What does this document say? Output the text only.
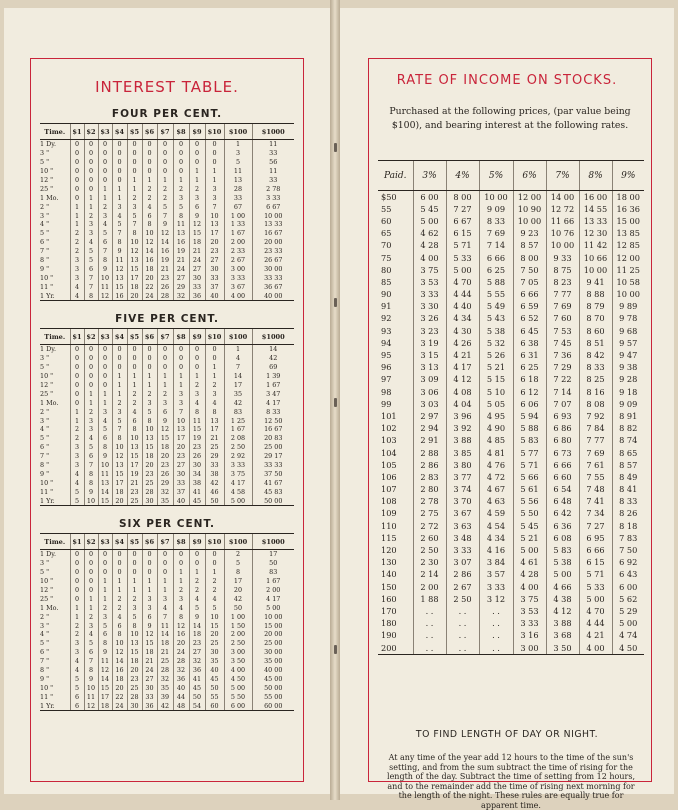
INTEREST TABLE.
FOUR PER CENT.
Time.	$1	$2	$3	$4	$5	$6	$7	$8	$9	$10	$100	$1000
1 Dy.	0	0	0	0	0	0	0	0	0	0	1	11
3 "	0	0	0	0	0	0	0	0	0	0	3	33
5 "	0	0	0	0	0	0	0	0	0	0	5	56
10 "	0	0	0	0	0	0	0	0	1	1	11	11
12 "	0	0	0	0	1	1	1	1	1	1	13	33
25 "	0	0	1	1	1	2	2	2	2	3	28	2 78
1 Mo.	0	1	1	1	2	2	2	3	3	3	33	3 33
2 "	1	1	2	3	3	4	5	5	6	7	67	6 67
3 "	1	2	3	4	5	6	7	8	9	10	1 00	10 00
4 "	1	3	4	5	7	8	9	11	12	13	1 33	13 33
5 "	2	3	5	7	8	10	12	13	15	17	1 67	16 67
6 "	2	4	6	8	10	12	14	16	18	20	2 00	20 00
7 "	2	5	7	9	12	14	16	19	21	23	2 33	23 33
8 "	3	5	8	11	13	16	19	21	24	27	2 67	26 67
9 "	3	6	9	12	15	18	21	24	27	30	3 00	30 00
10 "	3	7	10	13	17	20	23	27	30	33	3 33	33 33
11 "	4	7	11	15	18	22	26	29	33	37	3 67	36 67
1 Yr.	4	8	12	16	20	24	28	32	36	40	4 00	40 00
FIVE PER CENT.
Time.	$1	$2	$3	$4	$5	$6	$7	$8	$9	$10	$100	$1000
1 Dy.	0	0	0	0	0	0	0	0	0	0	1	14
3 "	0	0	0	0	0	0	0	0	0	0	4	42
5 "	0	0	0	0	0	0	0	0	0	1	7	69
10 "	0	0	0	1	1	1	1	1	1	1	14	1 39
12 "	0	0	0	1	1	1	1	1	2	2	17	1 67
25 "	0	1	1	1	2	2	2	3	3	3	35	3 47
1 Mo.	0	1	1	2	2	3	3	3	4	4	42	4 17
2 "	1	2	3	3	4	5	6	7	8	8	83	8 33
3 "	1	3	4	5	6	8	9	10	11	13	1 25	12 50
4 "	2	3	5	7	8	10	12	13	15	17	1 67	16 67
5 "	2	4	6	8	10	13	15	17	19	21	2 08	20 83
6 "	3	5	8	10	13	15	18	20	23	25	2 50	25 00
7 "	3	6	9	12	15	18	20	23	26	29	2 92	29 17
8 "	3	7	10	13	17	20	23	27	30	33	3 33	33 33
9 "	4	8	11	15	19	23	26	30	34	38	3 75	37 50
10 "	4	8	13	17	21	25	29	33	38	42	4 17	41 67
11 "	5	9	14	18	23	28	32	37	41	46	4 58	45 83
1 Yr.	5	10	15	20	25	30	35	40	45	50	5 00	50 00
SIX PER CENT.
Time.	$1	$2	$3	$4	$5	$6	$7	$8	$9	$10	$100	$1000
1 Dy.	0	0	0	0	0	0	0	0	0	0	2	17
3 "	0	0	0	0	0	0	0	0	0	0	5	50
5 "	0	0	0	0	0	0	0	1	1	1	8	83
10 "	0	0	1	1	1	1	1	1	2	2	17	1 67
12 "	0	0	1	1	1	1	1	2	2	2	20	2 00
25 "	0	1	1	2	2	3	3	3	4	4	42	4 17
1 Mo.	1	1	2	2	3	3	4	4	5	5	50	5 00
2 "	1	2	3	4	5	6	7	8	9	10	1 00	10 00
3 "	2	3	5	6	8	9	11	12	14	15	1 50	15 00
4 "	2	4	6	8	10	12	14	16	18	20	2 00	20 00
5 "	3	5	8	10	13	15	18	20	23	25	2 50	25 00
6 "	3	6	9	12	15	18	21	24	27	30	3 00	30 00
7 "	4	7	11	14	18	21	25	28	32	35	3 50	35 00
8 "	4	8	12	16	20	24	28	32	36	40	4 00	40 00
9 "	5	9	14	18	23	27	32	36	41	45	4 50	45 00
10 "	5	10	15	20	25	30	35	40	45	50	5 00	50 00
11 "	6	11	17	22	28	33	39	44	50	55	5 50	55 00
1 Yr.	6	12	18	24	30	36	42	48	54	60	6 00	60 00
RATE OF INCOME ON STOCKS.
Purchased at the following prices, (par value being $100), and bearing interest at the following rates.
Paid.	3%	4%	5%	6%	7%	8%	9%
$50	6 00	8 00	10 00	12 00	14 00	16 00	18 00
55	5 45	7 27	9 09	10 90	12 72	14 55	16 36
60	5 00	6 67	8 33	10 00	11 66	13 33	15 00
65	4 62	6 15	7 69	9 23	10 76	12 30	13 85
70	4 28	5 71	7 14	8 57	10 00	11 42	12 85
75	4 00	5 33	6 66	8 00	9 33	10 66	12 00
80	3 75	5 00	6 25	7 50	8 75	10 00	11 25
85	3 53	4 70	5 88	7 05	8 23	9 41	10 58
90	3 33	4 44	5 55	6 66	7 77	8 88	10 00
91	3 30	4 40	5 49	6 59	7 69	8 79	9 89
92	3 26	4 34	5 43	6 52	7 60	8 70	9 78
93	3 23	4 30	5 38	6 45	7 53	8 60	9 68
94	3 19	4 26	5 32	6 38	7 45	8 51	9 57
95	3 15	4 21	5 26	6 31	7 36	8 42	9 47
96	3 13	4 17	5 21	6 25	7 29	8 33	9 38
97	3 09	4 12	5 15	6 18	7 22	8 25	9 28
98	3 06	4 08	5 10	6 12	7 14	8 16	9 18
99	3 03	4 04	5 05	6 06	7 07	8 08	9 09
101	2 97	3 96	4 95	5 94	6 93	7 92	8 91
102	2 94	3 92	4 90	5 88	6 86	7 84	8 82
103	2 91	3 88	4 85	5 83	6 80	7 77	8 74
104	2 88	3 85	4 81	5 77	6 73	7 69	8 65
105	2 86	3 80	4 76	5 71	6 66	7 61	8 57
106	2 83	3 77	4 72	5 66	6 60	7 55	8 49
107	2 80	3 74	4 67	5 61	6 54	7 48	8 41
108	2 78	3 70	4 63	5 56	6 48	7 41	8 33
109	2 75	3 67	4 59	5 50	6 42	7 34	8 26
110	2 72	3 63	4 54	5 45	6 36	7 27	8 18
115	2 60	3 48	4 34	5 21	6 08	6 95	7 83
120	2 50	3 33	4 16	5 00	5 83	6 66	7 50
130	2 30	3 07	3 84	4 61	5 38	6 15	6 92
140	2 14	2 86	3 57	4 28	5 00	5 71	6 43
150	2 00	2 67	3 33	4 00	4 66	5 33	6 00
160	1 88	2 50	3 12	3 75	4 38	5 00	5 62
170	. .	. .	. .	3 53	4 12	4 70	5 29
180	. .	. .	. .	3 33	3 88	4 44	5 00
190	. .	. .	. .	3 16	3 68	4 21	4 74
200	. .	. .	. .	3 00	3 50	4 00	4 50
TO FIND LENGTH OF DAY OR NIGHT.
At any time of the year add 12 hours to the time of the sun's setting, and from the sum subtract the time of rising for the length of the day. Subtract the time of setting from 12 hours, and to the remainder add the time of rising next morning for the length of the night. These rules are equally true for apparent time.
